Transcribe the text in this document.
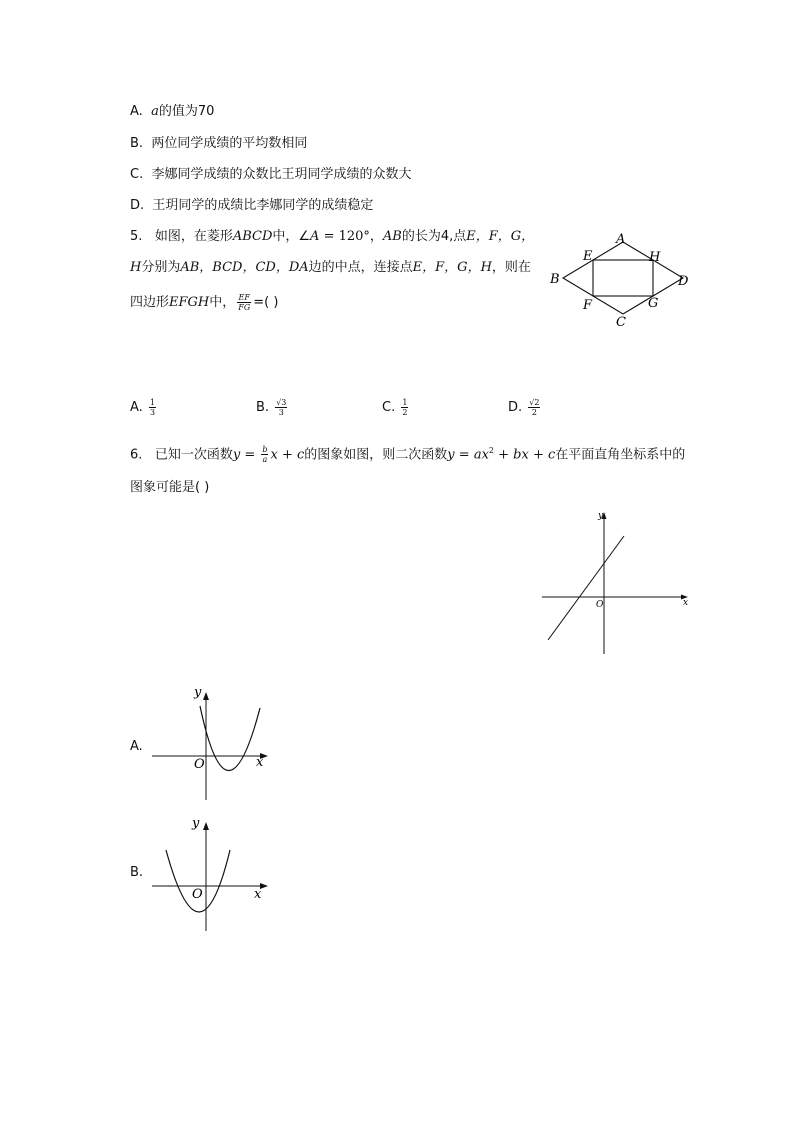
A. a的值为70
B. 两位同学成绩的平均数相同
C. 李娜同学成绩的众数比王玥同学成绩的众数大
D. 王玥同学的成绩比李娜同学的成绩稳定
5. 如图，在菱形ABCD中，∠A = 120°，AB的长为4,点E，F，G，
H分别为AB，BCD，CD，DA边的中点，连接点E，F，G，H，则在
四边形EFGH中， $\frac{EF}{FG}$ =( )
A
B
C
D
E
F	G
H
A. $\frac{1}{3}$	B. $\frac{√3}{3}$	C. $\frac{1}{2}$	D. $\frac{√2}{2}$
6. 已知一次函数$y = \frac{b}{a}$ x + c的图象如图，则二次函数$y = ax^2$ + bx + c在平面直角坐标系中的
图象可能是( )
x
y
O
A.
x
y
O
B.
x
y
O
